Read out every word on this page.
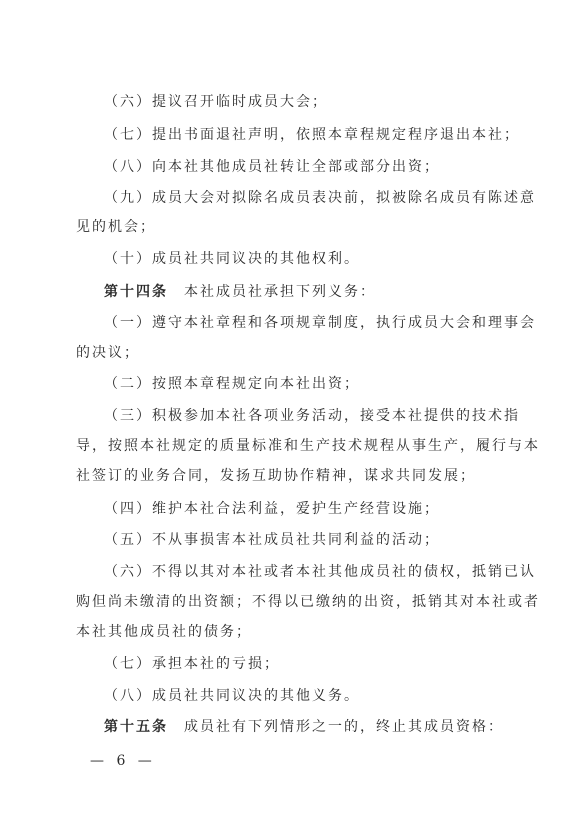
（六）提议召开临时成员大会；
（七）提出书面退社声明，依照本章程规定程序退出本社；
（八）向本社其他成员社转让全部或部分出资；
（九）成员大会对拟除名成员表决前，拟被除名成员有陈述意
见的机会；
（十）成员社共同议决的其他权利。
第十四条 本社成员社承担下列义务：
（一）遵守本社章程和各项规章制度，执行成员大会和理事会
的决议；
（二）按照本章程规定向本社出资；
（三）积极参加本社各项业务活动，接受本社提供的技术指
导，按照本社规定的质量标准和生产技术规程从事生产，履行与本
社签订的业务合同，发扬互助协作精神，谋求共同发展；
（四）维护本社合法利益，爱护生产经营设施；
（五）不从事损害本社成员社共同利益的活动；
（六）不得以其对本社或者本社其他成员社的债权，抵销已认
购但尚未缴清的出资额；不得以已缴纳的出资，抵销其对本社或者
本社其他成员社的债务；
（七）承担本社的亏损；
（八）成员社共同议决的其他义务。
第十五条 成员社有下列情形之一的，终止其成员资格：
— 6 —
